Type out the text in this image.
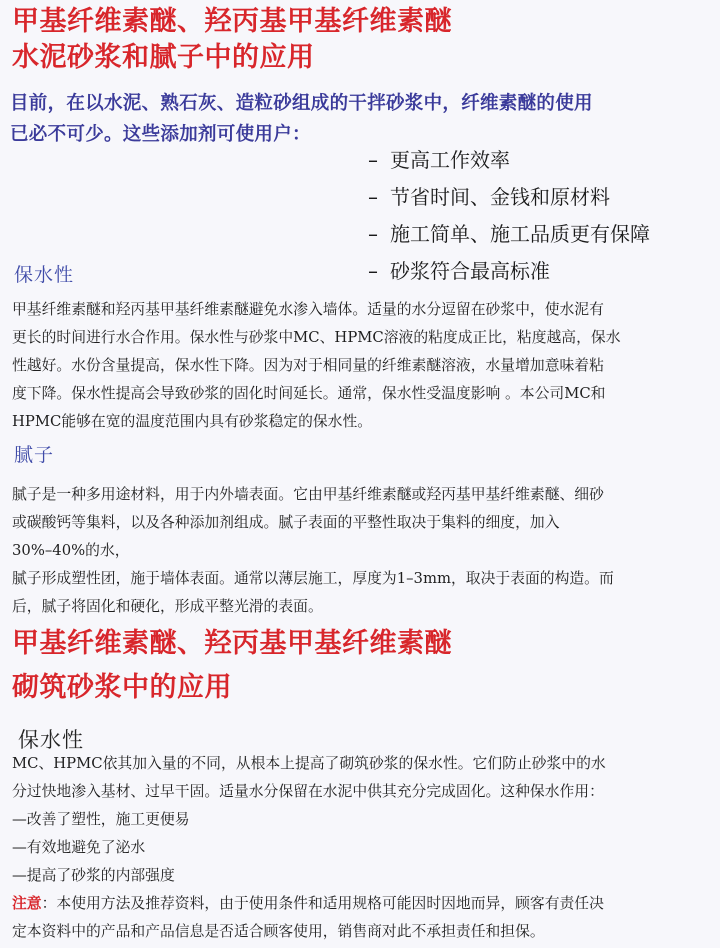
甲基纤维素醚、羟丙基甲基纤维素醚
水泥砂浆和腻子中的应用
目前，在以水泥、熟石灰、造粒砂组成的干拌砂浆中，纤维素醚的使用
已必不可少。这些添加剂可使用户：
– 更高工作效率
– 节省时间、金钱和原材料
– 施工简单、施工品质更有保障
– 砂浆符合最高标准
保水性

甲基纤维素醚和羟丙基甲基纤维素醚避免水渗入墙体。适量的水分逗留在砂浆中，使水泥有
更长的时间进行水合作用。保水性与砂浆中MC、HPMC溶液的粘度成正比，粘度越高，保水
性越好。水份含量提高，保水性下降。因为对于相同量的纤维素醚溶液，水量增加意味着粘
度下降。保水性提高会导致砂浆的固化时间延长。通常，保水性受温度影响 。本公司MC和
HPMC能够在宽的温度范围内具有砂浆稳定的保水性。

腻子

腻子是一种多用途材料，用于内外墙表面。它由甲基纤维素醚或羟丙基甲基纤维素醚、细砂
或碳酸钙等集料，以及各种添加剂组成。腻子表面的平整性取决于集料的细度，加入
30%–40%的水，
腻子形成塑性团，施于墙体表面。通常以薄层施工，厚度为1–3mm，取决于表面的构造。而
后，腻子将固化和硬化，形成平整光滑的表面。

甲基纤维素醚、羟丙基甲基纤维素醚
砌筑砂浆中的应用
保水性

MC、HPMC依其加入量的不同，从根本上提高了砌筑砂浆的保水性。它们防止砂浆中的水
分过快地渗入基材、过早干固。适量水分保留在水泥中供其充分完成固化。这种保水作用：
—改善了塑性，施工更便易
—有效地避免了泌水
—提高了砂浆的内部强度
注意：本使用方法及推荐资料，由于使用条件和适用规格可能因时因地而异，顾客有责任决
定本资料中的产品和产品信息是否适合顾客使用，销售商对此不承担责任和担保。
